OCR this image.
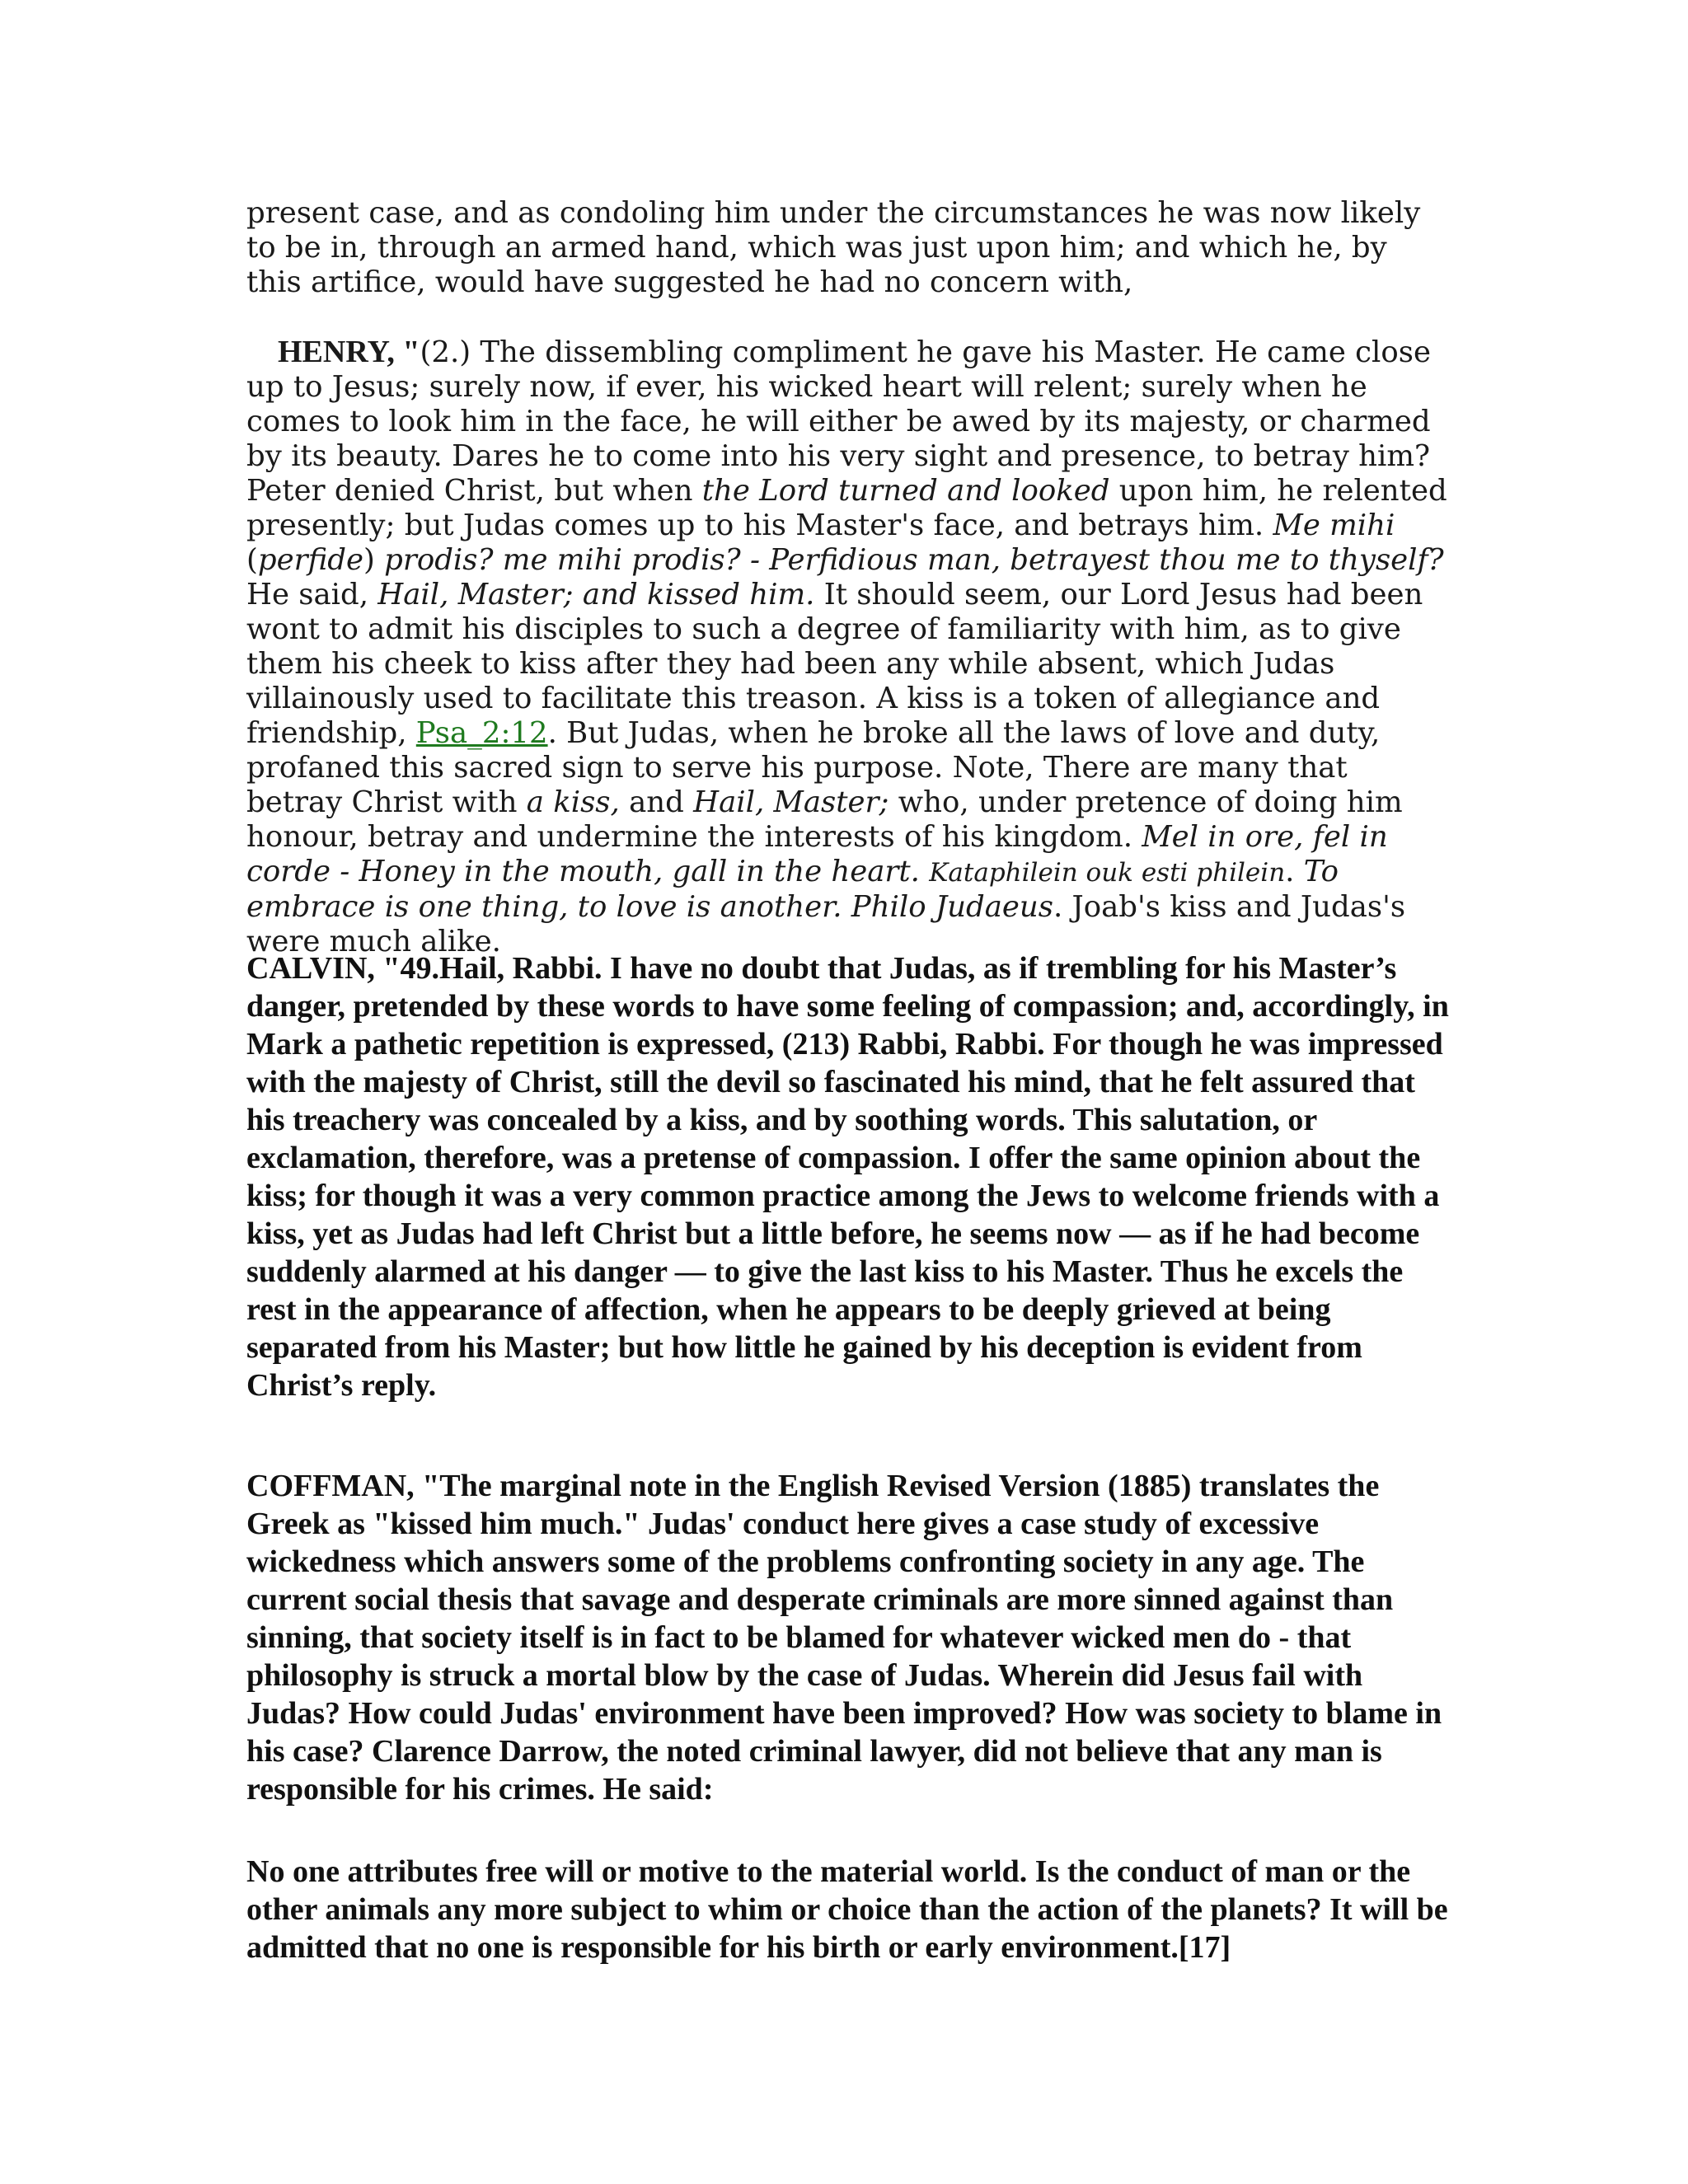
present case, and as condoling him under the circumstances he was now likely to be in, through an armed hand, which was just upon him; and which he, by this artifice, would have suggested he had no concern with,

HENRY, "(2.) The dissembling compliment he gave his Master. He came close up to Jesus; surely now, if ever, his wicked heart will relent; surely when he comes to look him in the face, he will either be awed by its majesty, or charmed by its beauty. Dares he to come into his very sight and presence, to betray him? Peter denied Christ, but when the Lord turned and looked upon him, he relented presently; but Judas comes up to his Master's face, and betrays him. Me mihi (perfide) prodis? me mihi prodis? - Perfidious man, betrayest thou me to thyself? He said, Hail, Master; and kissed him. It should seem, our Lord Jesus had been wont to admit his disciples to such a degree of familiarity with him, as to give them his cheek to kiss after they had been any while absent, which Judas villainously used to facilitate this treason. A kiss is a token of allegiance and friendship, Psa_2:12. But Judas, when he broke all the laws of love and duty, profaned this sacred sign to serve his purpose. Note, There are many that betray Christ with a kiss, and Hail, Master; who, under pretence of doing him honour, betray and undermine the interests of his kingdom. Mel in ore, fel in corde - Honey in the mouth, gall in the heart. Kataphilein ouk esti philein. To embrace is one thing, to love is another. Philo Judaeus. Joab's kiss and Judas's were much alike.

CALVIN, "49.Hail, Rabbi. I have no doubt that Judas, as if trembling for his Master’s danger, pretended by these words to have some feeling of compassion; and, accordingly, in Mark a pathetic repetition is expressed, (213) Rabbi, Rabbi. For though he was impressed with the majesty of Christ, still the devil so fascinated his mind, that he felt assured that his treachery was concealed by a kiss, and by soothing words. This salutation, or exclamation, therefore, was a pretense of compassion. I offer the same opinion about the kiss; for though it was a very common practice among the Jews to welcome friends with a kiss, yet as Judas had left Christ but a little before, he seems now — as if he had become suddenly alarmed at his danger — to give the last kiss to his Master. Thus he excels the rest in the appearance of affection, when he appears to be deeply grieved at being separated from his Master; but how little he gained by his deception is evident from Christ’s reply.

COFFMAN, "The marginal note in the English Revised Version (1885) translates the Greek as "kissed him much." Judas' conduct here gives a case study of excessive wickedness which answers some of the problems confronting society in any age. The current social thesis that savage and desperate criminals are more sinned against than sinning, that society itself is in fact to be blamed for whatever wicked men do - that philosophy is struck a mortal blow by the case of Judas. Wherein did Jesus fail with Judas? How could Judas' environment have been improved? How was society to blame in his case? Clarence Darrow, the noted criminal lawyer, did not believe that any man is responsible for his crimes. He said:

No one attributes free will or motive to the material world. Is the conduct of man or the other animals any more subject to whim or choice than the action of the planets? It will be admitted that no one is responsible for his birth or early environment.[17]
